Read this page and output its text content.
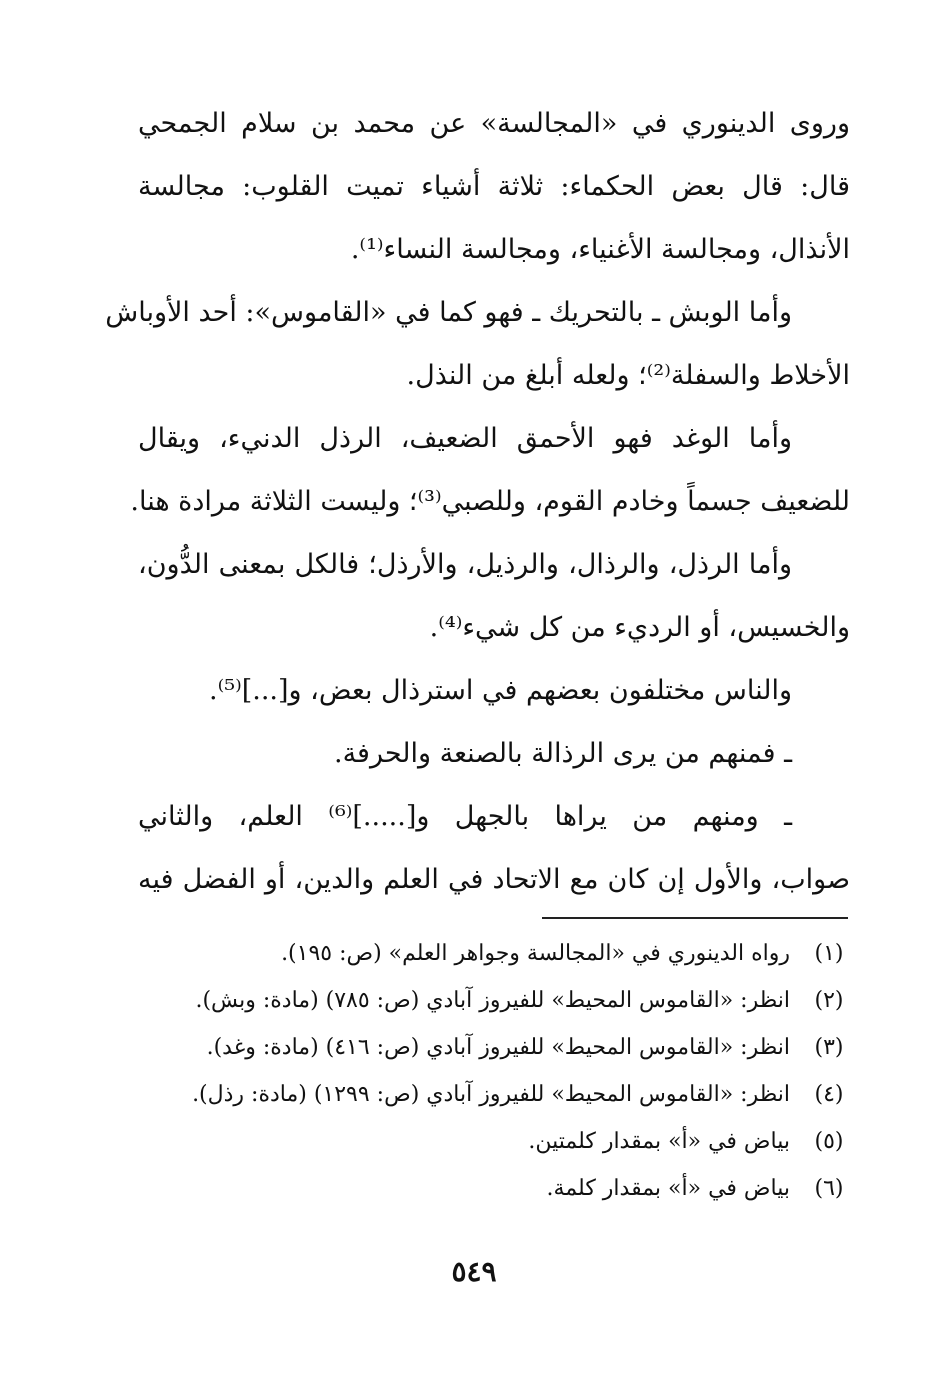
وروى الدينوري في «المجالسة» عن محمد بن سلام الجمحي
قال: قال بعض الحكماء: ثلاثة أشياء تميت القلوب: مجالسة
الأنذال، ومجالسة الأغنياء، ومجالسة النساء⁽¹⁾.
وأما الوبش ـ بالتحريك ـ فهو كما في «القاموس»: أحد الأوباش
الأخلاط والسفلة⁽²⁾؛ ولعله أبلغ من النذل.
وأما الوغد فهو الأحمق الضعيف، الرذل الدنيء، ويقال
للضعيف جسماً وخادم القوم، وللصبي⁽³⁾؛ وليست الثلاثة مرادة هنا.
وأما الرذل، والرذال، والرذيل، والأرذل؛ فالكل بمعنى الدُّون،
والخسيس، أو الرديء من كل شيء⁽⁴⁾.
والناس مختلفون بعضهم في استرذال بعض، و[...]⁽⁵⁾.
ـ فمنهم من يرى الرذالة بالصنعة والحرفة.
ـ ومنهم من يراها بالجهل و[.....]⁽⁶⁾ العلم، والثاني
صواب، والأول إن كان مع الاتحاد في العلم والدين، أو الفضل فيه
(١)رواه الدينوري في «المجالسة وجواهر العلم» (ص: ١٩٥).
(٢)انظر: «القاموس المحيط» للفيروز آبادي (ص: ٧٨٥) (مادة: وبش).
(٣)انظر: «القاموس المحيط» للفيروز آبادي (ص: ٤١٦) (مادة: وغد).
(٤)انظر: «القاموس المحيط» للفيروز آبادي (ص: ١٢٩٩) (مادة: رذل).
(٥)بياض في «أ» بمقدار كلمتين.
(٦)بياض في «أ» بمقدار كلمة.
٥٤٩
